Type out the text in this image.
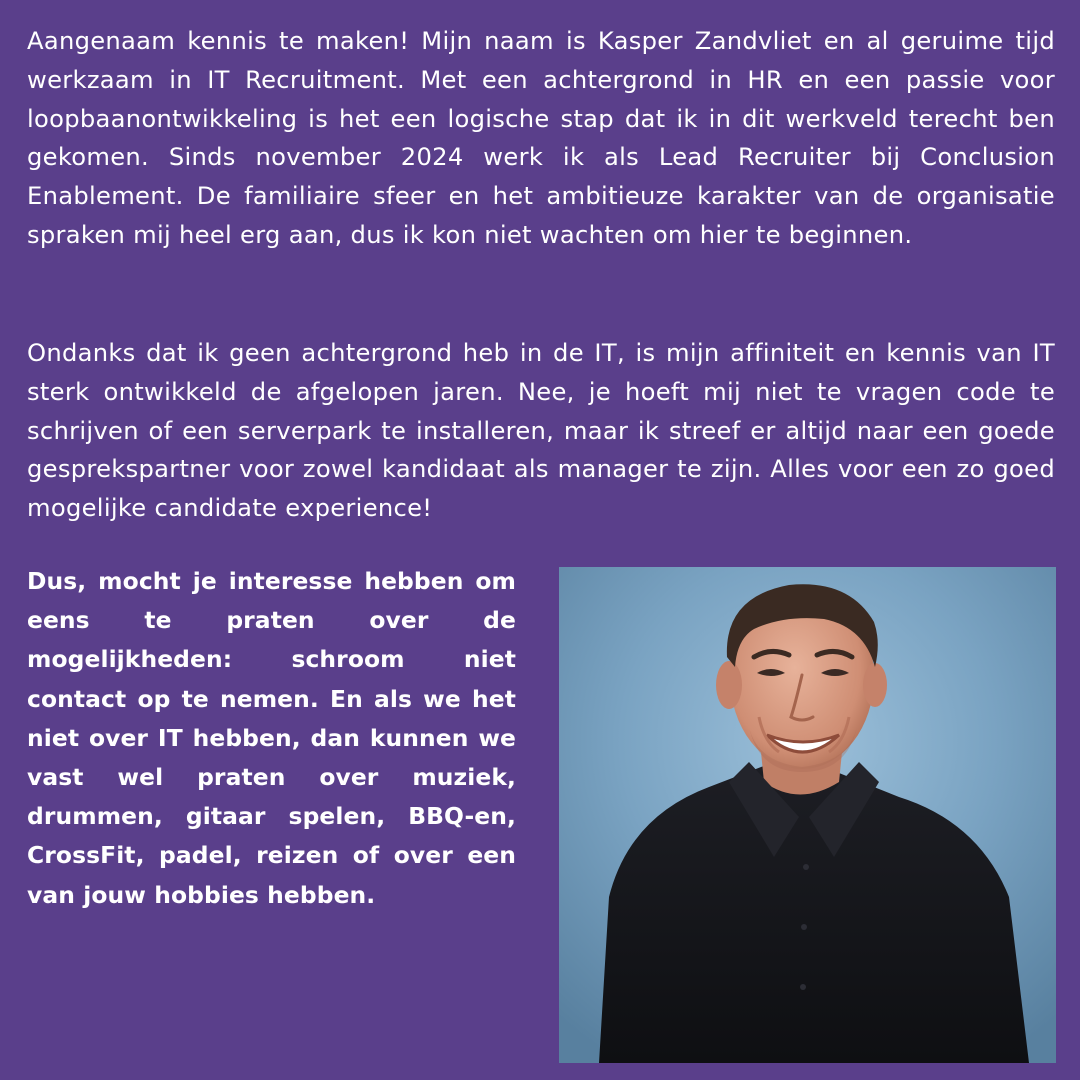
Aangenaam kennis te maken! Mijn naam is Kasper Zandvliet en al geruime tijd werkzaam in IT Recruitment. Met een achtergrond in HR en een passie voor loopbaanontwikkeling is het een logische stap dat ik in dit werkveld terecht ben gekomen. Sinds november 2024 werk ik als Lead Recruiter bij Conclusion Enablement. De familiaire sfeer en het ambitieuze karakter van de organisatie spraken mij heel erg aan, dus ik kon niet wachten om hier te beginnen.

Ondanks dat ik geen achtergrond heb in de IT, is mijn affiniteit en kennis van IT sterk ontwikkeld de afgelopen jaren. Nee, je hoeft mij niet te vragen code te schrijven of een serverpark te installeren, maar ik streef er altijd naar een goede gesprekspartner voor zowel kandidaat als manager te zijn. Alles voor een zo goed mogelijke candidate experience!

Dus, mocht je interesse hebben om eens te praten over de mogelijkheden: schroom niet contact op te nemen. En als we het niet over IT hebben, dan kunnen we vast wel praten over muziek, drummen, gitaar spelen, BBQ-en, CrossFit, padel, reizen of over een van jouw hobbies hebben.
